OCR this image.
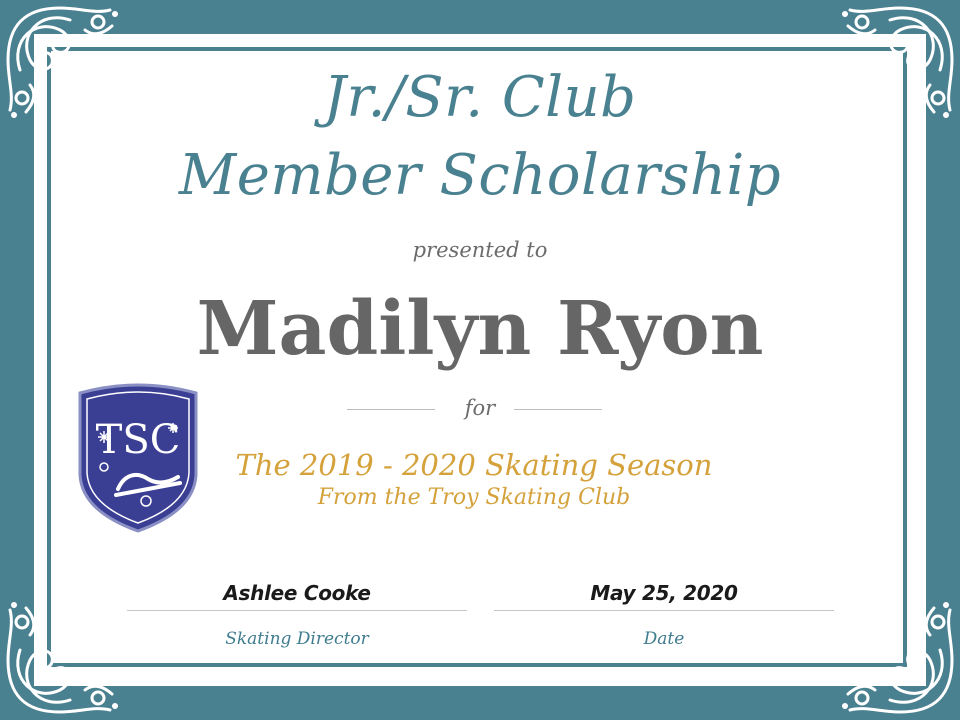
Jr./Sr. Club
Member Scholarship
presented to
Madilyn Ryon
for
TSC
The 2019 - 2020 Skating Season
From the Troy Skating Club
Ashlee Cooke
Skating Director
May 25, 2020
Date
